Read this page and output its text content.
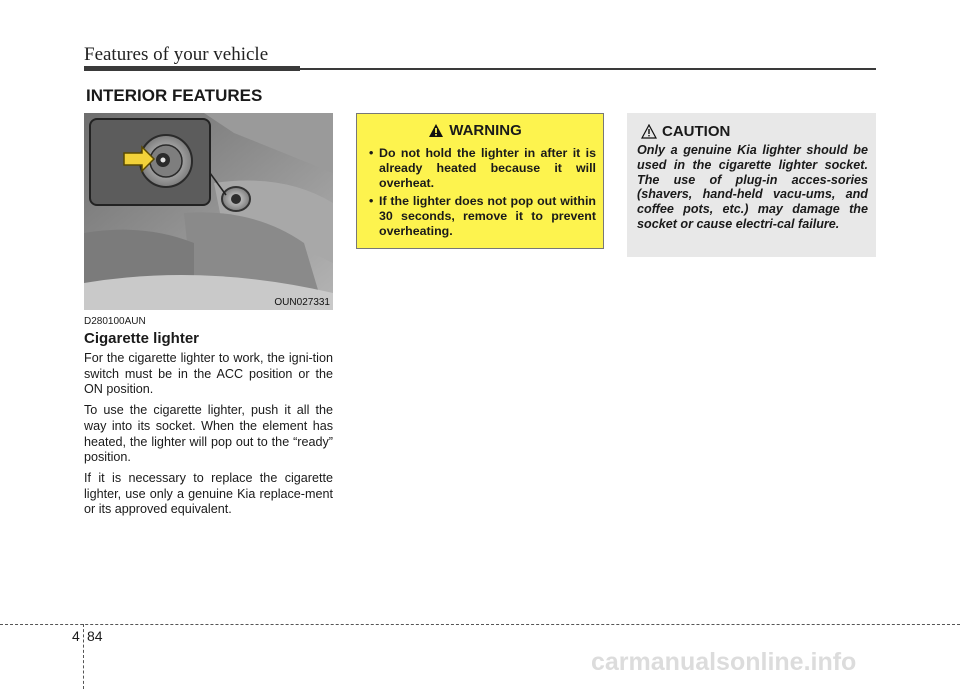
Features of your vehicle
INTERIOR FEATURES
OUN027331
D280100AUN
Cigarette lighter

For the cigarette lighter to work, the igni-tion switch must be in the ACC position or the ON position.

To use the cigarette lighter, push it all the way into its socket. When the element has heated, the lighter will pop out to the “ready” position.

If it is necessary to replace the cigarette lighter, use only a genuine Kia replace-ment or its approved equivalent.

WARNING
• Do not hold the lighter in after it is already heated because it will overheat.
• If the lighter does not pop out within 30 seconds, remove it to prevent overheating.
CAUTION
Only a genuine Kia lighter should be used in the cigarette lighter socket. The use of plug-in acces-sories (shavers, hand-held vacu-ums, and coffee pots, etc.) may damage the socket or cause electri-cal failure.
4 84
carmanualsonline.info
